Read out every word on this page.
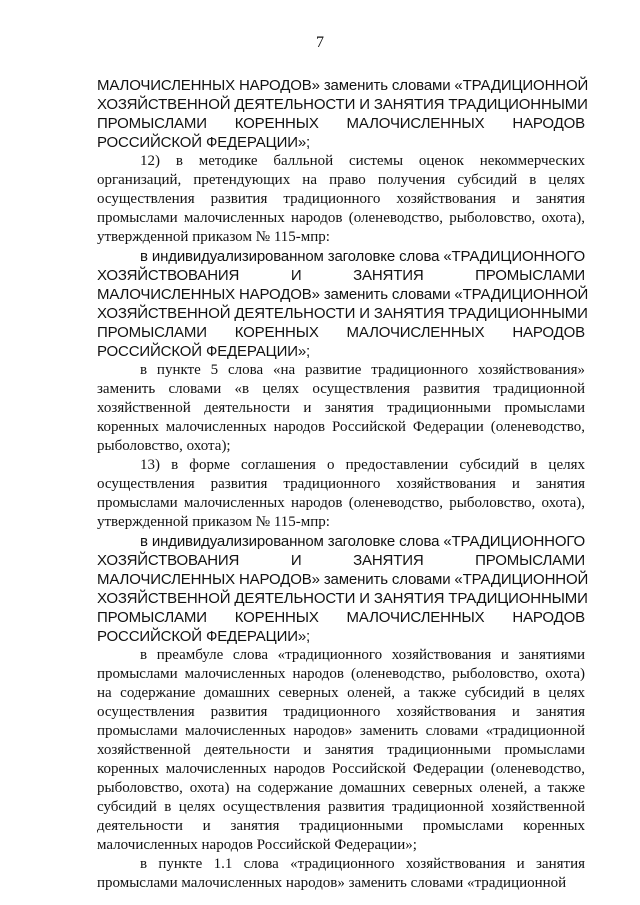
7
МАЛОЧИСЛЕННЫХ НАРОДОВ» заменить словами «ТРАДИЦИОННОЙ
ХОЗЯЙСТВЕННОЙ ДЕЯТЕЛЬНОСТИ И ЗАНЯТИЯ ТРАДИЦИОННЫМИ
ПРОМЫСЛАМИ КОРЕННЫХ МАЛОЧИСЛЕННЫХ НАРОДОВ
РОССИЙСКОЙ ФЕДЕРАЦИИ»;
12) в методике балльной системы оценок некоммерческих
организаций, претендующих на право получения субсидий в целях
осуществления развития традиционного хозяйствования и занятия
промыслами малочисленных народов (оленеводство, рыболовство, охота),
утвержденной приказом № 115-мпр:
в индивидуализированном заголовке слова «ТРАДИЦИОННОГО
ХОЗЯЙСТВОВАНИЯ И ЗАНЯТИЯ ПРОМЫСЛАМИ
МАЛОЧИСЛЕННЫХ НАРОДОВ» заменить словами «ТРАДИЦИОННОЙ
ХОЗЯЙСТВЕННОЙ ДЕЯТЕЛЬНОСТИ И ЗАНЯТИЯ ТРАДИЦИОННЫМИ
ПРОМЫСЛАМИ КОРЕННЫХ МАЛОЧИСЛЕННЫХ НАРОДОВ
РОССИЙСКОЙ ФЕДЕРАЦИИ»;
в пункте 5 слова «на развитие традиционного хозяйствования»
заменить словами «в целях осуществления развития традиционной
хозяйственной деятельности и занятия традиционными промыслами
коренных малочисленных народов Российской Федерации (оленеводство,
рыболовство, охота);
13) в форме соглашения о предоставлении субсидий в целях
осуществления развития традиционного хозяйствования и занятия
промыслами малочисленных народов (оленеводство, рыболовство, охота),
утвержденной приказом № 115-мпр:
в индивидуализированном заголовке слова «ТРАДИЦИОННОГО
ХОЗЯЙСТВОВАНИЯ И ЗАНЯТИЯ ПРОМЫСЛАМИ
МАЛОЧИСЛЕННЫХ НАРОДОВ» заменить словами «ТРАДИЦИОННОЙ
ХОЗЯЙСТВЕННОЙ ДЕЯТЕЛЬНОСТИ И ЗАНЯТИЯ ТРАДИЦИОННЫМИ
ПРОМЫСЛАМИ КОРЕННЫХ МАЛОЧИСЛЕННЫХ НАРОДОВ
РОССИЙСКОЙ ФЕДЕРАЦИИ»;
в преамбуле слова «традиционного хозяйствования и занятиями
промыслами малочисленных народов (оленеводство, рыболовство, охота)
на содержание домашних северных оленей, а также субсидий в целях
осуществления развития традиционного хозяйствования и занятия
промыслами малочисленных народов» заменить словами «традиционной
хозяйственной деятельности и занятия традиционными промыслами
коренных малочисленных народов Российской Федерации (оленеводство,
рыболовство, охота) на содержание домашних северных оленей, а также
субсидий в целях осуществления развития традиционной хозяйственной
деятельности и занятия традиционными промыслами коренных
малочисленных народов Российской Федерации»;
в пункте 1.1 слова «традиционного хозяйствования и занятия
промыслами малочисленных народов» заменить словами «традиционной
